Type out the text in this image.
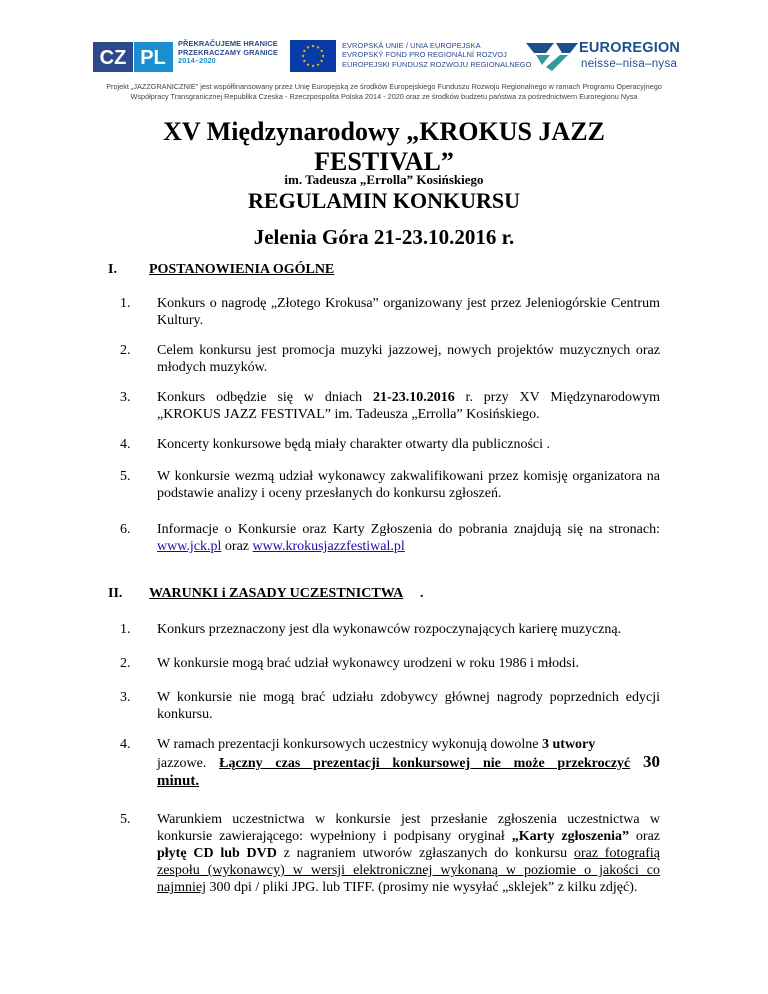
CZ PL
PŘEKRAČUJEME HRANICE
PRZEKRACZAMY GRANICE
2014–2020
EVROPSKÁ UNIE / UNIA EUROPEJSKA
EVROPSKÝ FOND PRO REGIONÁLNÍ ROZVOJ
EUROPEJSKI FUNDUSZ ROZWOJU REGIONALNEGO
EUROREGION
neisse–nisa–nysa
Projekt „JAZZGRANICZNIE” jest współfinansowany przez Unię Europejską ze środków Europejskiego Funduszu Rozwoju Regionalnego w ramach Programu Operacyjnego
Współpracy Transgranicznej Republika Czeska - Rzeczpospolita Polska 2014 - 2020 oraz ze środków budżetu państwa za pośrednictwem Euroregionu Nysa
XV Międzynarodowy „KROKUS JAZZ
FESTIVAL”
im. Tadeusza „Errolla” Kosińskiego
REGULAMIN KONKURSU
Jelenia Góra 21-23.10.2016 r.
I. POSTANOWIENIA OGÓLNE
1. Konkurs o nagrodę „Złotego Krokusa” organizowany jest przez Jeleniogórskie Centrum Kultury.
2. Celem konkursu jest promocja muzyki jazzowej, nowych projektów muzycznych oraz młodych muzyków.
3. Konkurs odbędzie się w dniach 21-23.10.2016 r. przy XV Międzynarodowym „KROKUS JAZZ FESTIVAL” im. Tadeusza „Errolla” Kosińskiego.
4. Koncerty konkursowe będą miały charakter otwarty dla publiczności .
5. W konkursie wezmą udział wykonawcy zakwalifikowani przez komisję organizatora na podstawie analizy i oceny przesłanych do konkursu zgłoszeń.
6. Informacje o Konkursie oraz Karty Zgłoszenia do pobrania znajdują się na stronach: www.jck.pl oraz www.krokusjazzfestiwal.pl
II. WARUNKI i ZASADY UCZESTNICTWA .
1. Konkurs przeznaczony jest dla wykonawców rozpoczynających karierę muzyczną.
2. W konkursie mogą brać udział wykonawcy urodzeni w roku 1986 i młodsi.
3. W konkursie nie mogą brać udziału zdobywcy głównej nagrody poprzednich edycji konkursu.
4. W ramach prezentacji konkursowych uczestnicy wykonują dowolne 3 utwory
jazzowe. Łączny czas prezentacji konkursowej nie może przekroczyć 30
minut.
5. Warunkiem uczestnictwa w konkursie jest przesłanie zgłoszenia uczestnictwa w konkursie zawierającego: wypełniony i podpisany oryginał „Karty zgłoszenia” oraz płytę CD lub DVD z nagraniem utworów zgłaszanych do konkursu oraz fotografią zespołu (wykonawcy) w wersji elektronicznej wykonaną w poziomie o jakości co najmniej 300 dpi / pliki JPG. lub TIFF. (prosimy nie wysyłać „sklejek” z kilku zdjęć).
